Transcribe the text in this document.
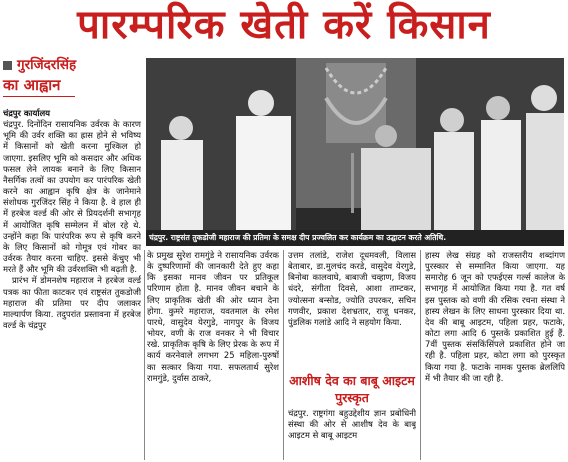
पारम्परिक खेती करें किसान
गुरजिंदरसिंह
का आह्वान
चंद्रपुर. राष्ट्रसंत तुकडोजी महाराज की प्रतिमा के समक्ष दीप प्रज्वलित कर कार्यक्रम का उद्घाटन करते अतिथि.

चंद्रपुर कार्यालय

चंद्रपुर. दिनोंदिन रासायनिक उर्वरक के कारण भूमि की उर्वर शक्ति का ह्रास होने से भविष्य में किसानों को खेती करना मुश्किल हो जाएगा. इसलिए भूमि को कसदार और अधिक फसल लेने लायक बनाने के लिए किसान नैसर्गिक तत्वों का उपयोग कर पारंपरिक खेती करने का आह्वान कृषि क्षेत्र के जानेमाने संशोधक गुरजिंदर सिंह ने किया है. वे हाल ही में हरबेज वर्ल्ड की ओर से प्रियदर्शनी सभागृह में आयोजित कृषि सम्मेलन में बोल रहे थे. उन्होंने कहा कि पारंपरिक रूप से कृषि करने के लिए किसानों को गोमूत्र एवं गोबर का उर्वरक तैयार करना चाहिए. इससे केंचुए भी मरते हैं और भूमि की उर्वरशक्ति भी बढ़ती है.

प्रारंभ में डोमनशेष महाराज ने हरबेज वर्ल्ड पत्रक का फीता काटकर एवं राष्ट्रसंत तुकडोजी महाराज की प्रतिमा पर दीप जलाकर माल्यार्पण किया. तदुपरांत प्रस्तावना में हरबेज वर्ल्ड के चंद्रपुर

के प्रमुख सुरेश रामगुंडे ने रासायनिक उर्वरक के दुष्परिणामों की जानकारी देते हुए कहा कि इसका मानव जीवन पर प्रतिकूल परिणाम होता है. मानव जीवन बचाने के लिए प्राकृतिक खेती की ओर ध्यान देना होगा. कुमरे महाराज, यवतमाल के रमेश पारधे, वासुदेव येरगुडे, नागपुर के विजय भोयर, वणी के राज वनकर ने भी विचार रखे. प्राकृतिक कृषि के लिए प्रेरक के रूप में कार्य करनेवाले लगभग 25 महिला-पुरुषों का सत्कार किया गया. सफलतार्थ सुरेश रामगुंडे, दुर्वास ठाकरे,

उत्तम तलांडे, राजेश दूधमवली, विलास बेताबार, डा.मुलचंद करडे, वासुदेव येरगुडे, बिनोबा कालवाघे, बाबाजी चव्हाण, विजय धंदरे, संगीता दिवसे, आशा ताम्टकर, ज्योत्सना बन्सोड, ज्योति उपरकर, सचिन गणवीर, प्रकाश देशभ्रतार, राजू धनकर, पुंडलिक गलांडे आदि ने सहयोग किया.

आशीष देव का बाबू आइटम पुरस्कृत

चंद्रपुर. राष्ट्रगंगा बहुउद्देशीय ज्ञान प्रबोधिनी संस्था की ओर से आशीष देव के बाबू आइटम से बाबू आइटम

हास्य लेख संग्रह को राजस्तरीय शब्दांगण पुरस्कार से सम्मानित किया जाएगा. यह समारोह 6 जून को एफईएस गर्ल्स कालेज के सभागृह में आयोजित किया गया है. गत वर्ष इस पुस्तक को वणी की रसिक रचना संस्था ने हास्य लेखन के लिए साधना पुरस्कार दिया था. देव की बाबू आइटम, पहिला प्रहर, फटाके, कोटा लगा आदि 6 पुस्तकें प्रकाशित हुई हैं. 7वीं पुस्तक संसकिंसिंपले प्रकाशित होने जा रही है. पहिला प्रहर, कोटा लगा को पुरस्कृत किया गया है. फटाके नामक पुस्तक ब्रेललिपि में भी तैयार की जा रही है.
